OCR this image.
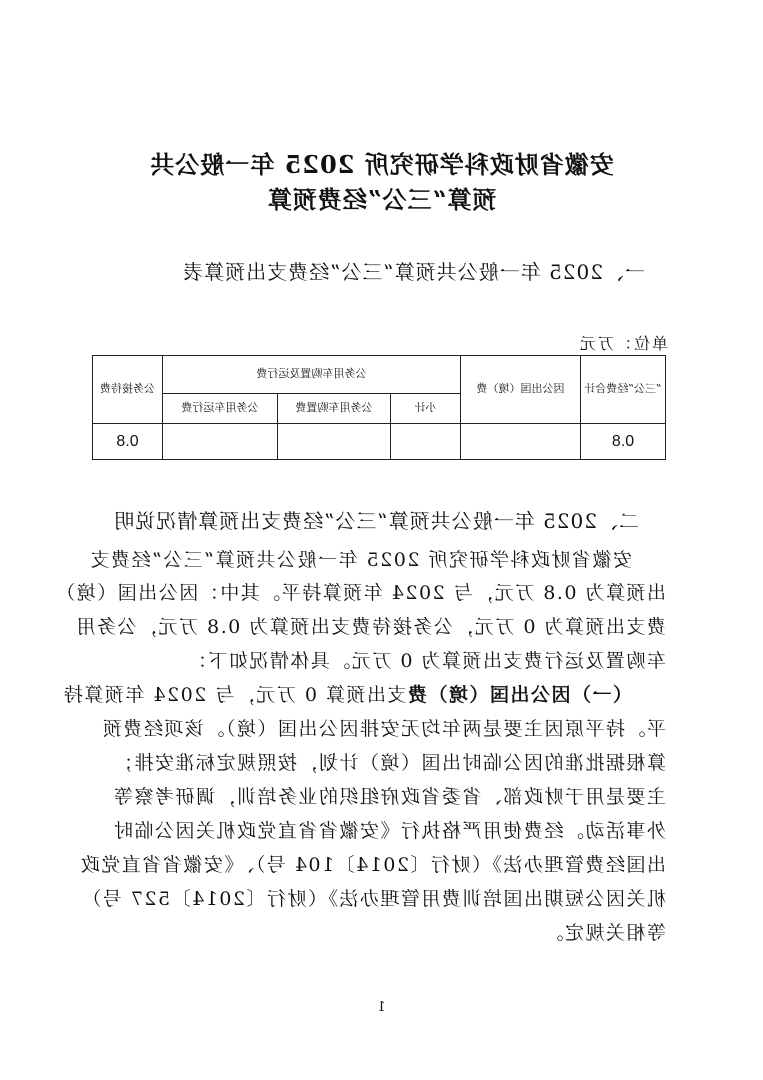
安徽省财政科学研究所 2025 年一般公共
预算“三公”经费预算
一、2025 年一般公共预算“三公”经费支出预算表
单位：万元
“三公”经费合计	因公出国（境）费	公务用车购置及运行费			公务接待费
		小计	公务用车购置费	公务用车运行费	
0.8					0.8
二、2025 年一般公共预算“三公”经费支出预算情况说明
安徽省财政科学研究所 2025 年一般公共预算“三公”经费支
出预算为 0.8 万元，与 2024 年预算持平。其中：因公出国（境）
费支出预算为 0 万元，公务接待费支出预算为 0.8 万元，公务用
车购置及运行费支出预算为 0 万元。具体情况如下：
（一）因公出国（境）费支出预算 0 万元，与 2024 年预算持
平。持平原因主要是两年均无安排因公出国（境）。该项经费预
算根据批准的因公临时出国（境）计划，按照规定标准安排；
主要是用于财政部、省委省政府组织的业务培训，调研考察等
外事活动。经费使用严格执行《安徽省省直党政机关因公临时
出国经费管理办法》（财行〔2014〕104 号）、《安徽省省直党政
机关因公短期出国培训费用管理办法》（财行〔2014〕527 号）
等相关规定。
1
